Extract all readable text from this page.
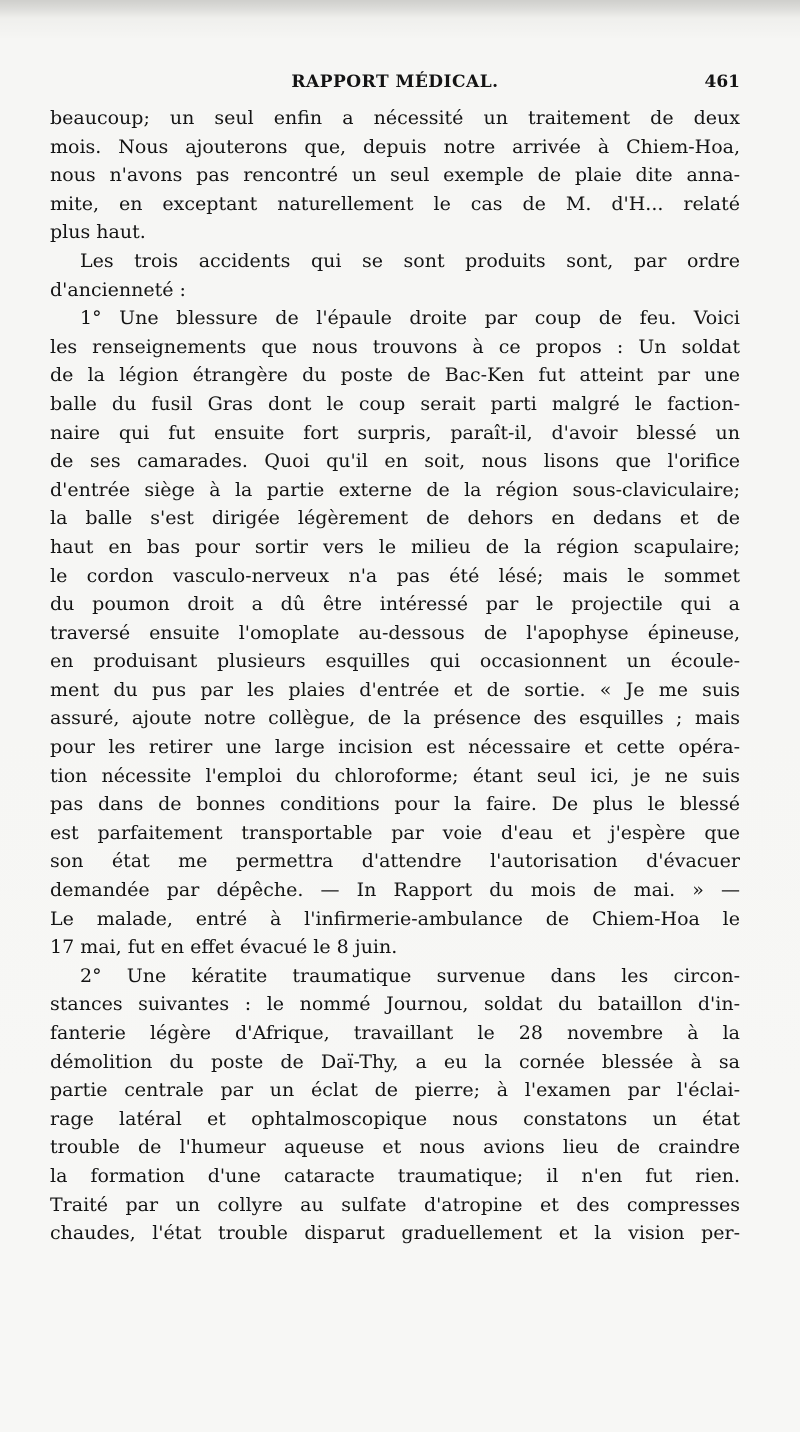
RAPPORT MÉDICAL.	461
beaucoup; un seul enfin a nécessité un traitement de deux
mois. Nous ajouterons que, depuis notre arrivée à Chiem-Hoa,
nous n'avons pas rencontré un seul exemple de plaie dite anna-
mite, en exceptant naturellement le cas de M. d'H... relaté
plus haut.
Les trois accidents qui se sont produits sont, par ordre
d'ancienneté :
1° Une blessure de l'épaule droite par coup de feu. Voici
les renseignements que nous trouvons à ce propos : Un soldat
de la légion étrangère du poste de Bac-Ken fut atteint par une
balle du fusil Gras dont le coup serait parti malgré le faction-
naire qui fut ensuite fort surpris, paraît-il, d'avoir blessé un
de ses camarades. Quoi qu'il en soit, nous lisons que l'orifice
d'entrée siège à la partie externe de la région sous-claviculaire;
la balle s'est dirigée légèrement de dehors en dedans et de
haut en bas pour sortir vers le milieu de la région scapulaire;
le cordon vasculo-nerveux n'a pas été lésé; mais le sommet
du poumon droit a dû être intéressé par le projectile qui a
traversé ensuite l'omoplate au-dessous de l'apophyse épineuse,
en produisant plusieurs esquilles qui occasionnent un écoule-
ment du pus par les plaies d'entrée et de sortie. « Je me suis
assuré, ajoute notre collègue, de la présence des esquilles ; mais
pour les retirer une large incision est nécessaire et cette opéra-
tion nécessite l'emploi du chloroforme; étant seul ici, je ne suis
pas dans de bonnes conditions pour la faire. De plus le blessé
est parfaitement transportable par voie d'eau et j'espère que
son état me permettra d'attendre l'autorisation d'évacuer
demandée par dépêche. — In Rapport du mois de mai. » —
Le malade, entré à l'infirmerie-ambulance de Chiem-Hoa le
17 mai, fut en effet évacué le 8 juin.
2° Une kératite traumatique survenue dans les circon-
stances suivantes : le nommé Journou, soldat du bataillon d'in-
fanterie légère d'Afrique, travaillant le 28 novembre à la
démolition du poste de Daï-Thy, a eu la cornée blessée à sa
partie centrale par un éclat de pierre; à l'examen par l'éclai-
rage latéral et ophtalmoscopique nous constatons un état
trouble de l'humeur aqueuse et nous avions lieu de craindre
la formation d'une cataracte traumatique; il n'en fut rien.
Traité par un collyre au sulfate d'atropine et des compresses
chaudes, l'état trouble disparut graduellement et la vision per-
